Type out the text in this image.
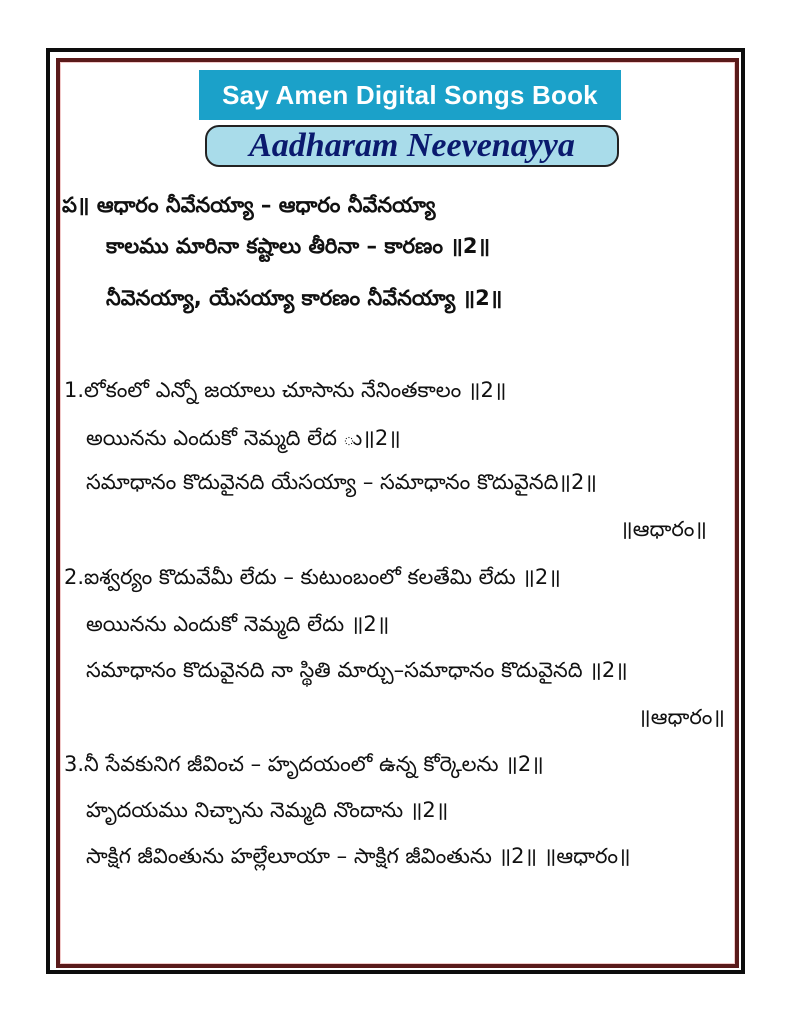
Say Amen Digital Songs Book
Aadharam Neevenayya
ప॥ ఆధారం నీవేనయ్యా – ఆధారం నీవేనయ్యా
కాలము మారినా కష్టాలు తీరినా – కారణం ॥2॥
నీవెనయ్యా, యేసయ్యా కారణం నీవేనయ్యా ॥2॥
1.లోకంలో ఎన్నో జయాలు చూసాను నేనింతకాలం ॥2॥
అయినను ఎందుకో నెమ్మది లేద ు॥2॥
సమాధానం కొదువైనది యేసయ్యా – సమాధానం కొదువైనది॥2॥
॥ఆధారం॥
2.ఐశ్వర్యం కొదువేమీ లేదు – కుటుంబంలో కలతేమి లేదు ॥2॥
అయినను ఎందుకో నెమ్మది లేదు ॥2॥
సమాధానం కొదువైనది నా స్థితి మార్చు–సమాధానం కొదువైనది ॥2॥
॥ఆధారం॥
3.నీ సేవకునిగ జీవించ – హృదయంలో ఉన్న కోర్కెలను ॥2॥
హృదయము నిచ్చాను నెమ్మది నొందాను ॥2॥
సాక్షిగ జీవింతును హల్లేలూయా – సాక్షిగ జీవింతును ॥2॥ ॥ఆధారం॥
